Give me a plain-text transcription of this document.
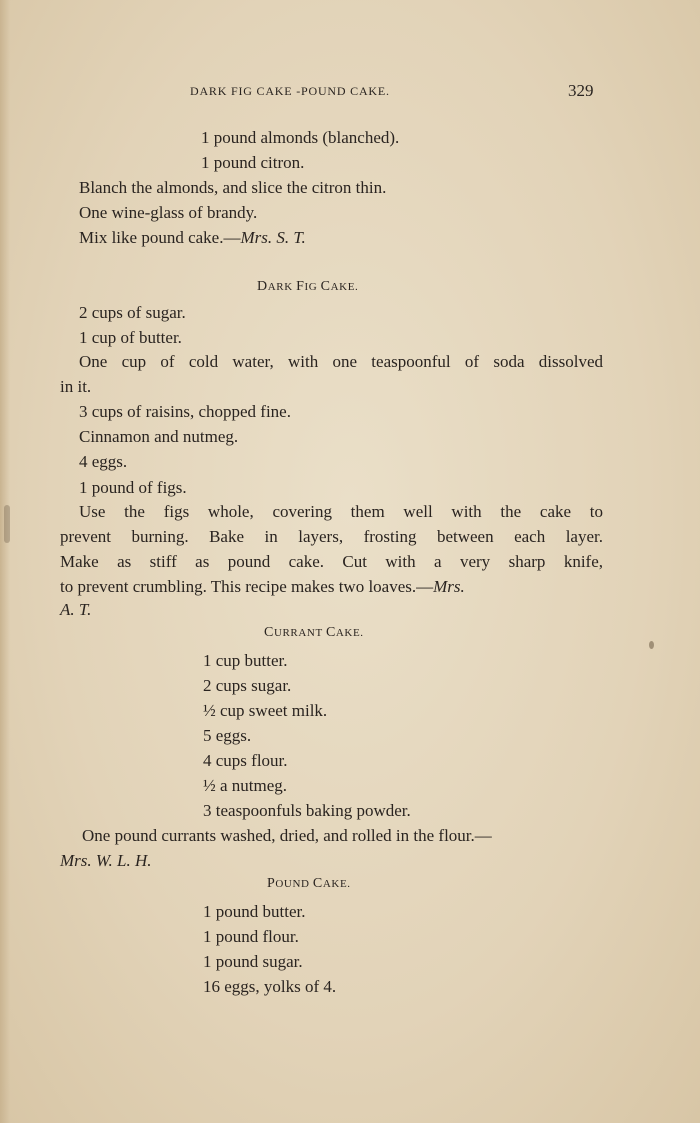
DARK FIG CAKE -POUND CAKE.	329
1 pound almonds (blanched).
1 pound citron.
Blanch the almonds, and slice the citron thin.
One wine-glass of brandy.
Mix like pound cake.—Mrs. S. T.
2 cups of sugar.
1 cup of butter.
One cup of cold water, with one teaspoonful of soda dissolved
in it.
3 cups of raisins, chopped fine.
Cinnamon and nutmeg.
4 eggs.
1 pound of figs.
Use the figs whole, covering them well with the cake to
prevent burning. Bake in layers, frosting between each layer.
Make as stiff as pound cake. Cut with a very sharp knife,
to prevent crumbling. This recipe makes two loaves.—Mrs.
A. T.
1 cup butter.
2 cups sugar.
½ cup sweet milk.
5 eggs.
4 cups flour.
½ a nutmeg.
3 teaspoonfuls baking powder.
One pound currants washed, dried, and rolled in the flour.—
Mrs. W. L. H.
1 pound butter.
1 pound flour.
1 pound sugar.
16 eggs, yolks of 4.
DARK FIG CAKE.
CURRANT CAKE.
POUND CAKE.
